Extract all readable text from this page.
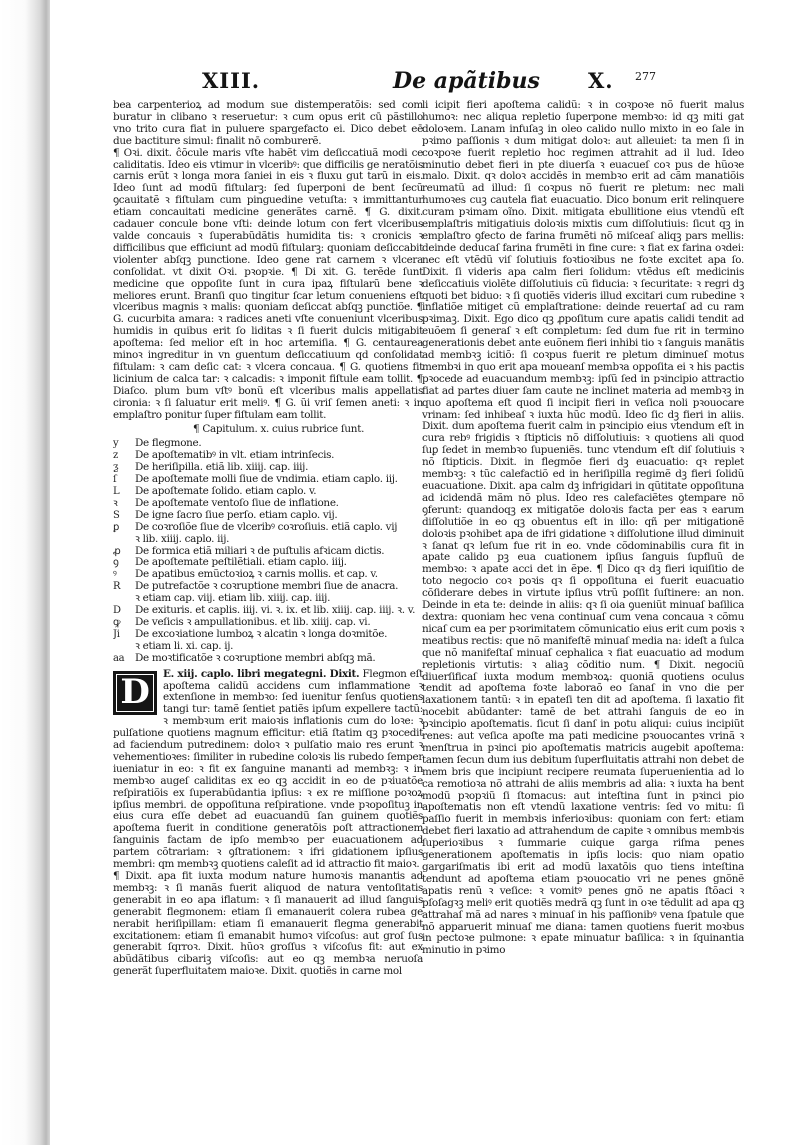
XIII.	De apãtibus X. 277

bea carpenterioꝝ ad modum sue distemperatõis: sed com buratur in clibano ꝛ reseruetur: ꝛ cum opus erit cū pãstillo vno trito cura fiat in puluere spargefacto ei. Dico debet eē due bactiture simul: finalit nō comburerẽ.

¶ Oꝛi. dixit. ĉõcule maris vſte habẽt vim deſiccatiuã modi ce caliditatis. Ideo eis vtimur in vlceribꝰ: que difficilis ge neratõis carnis erũt ꝛ longa mora ſaniei in eis ꝛ fluxu gut tarũ in eis. Ideo ſunt ad modũ fiſtularꝫ: ſed ſuperponi de bent ſecũ ꝯcauitatẽ ꝛ fiſtulam cum pinguedine vetuſta: ꝛ immittantur etiam concauitati medicine generãtes carnẽ. ¶ G. dixit. cadauer concule bone vſti: deinde lotum con fert vlceribus valde concauis ꝛ ſuperabũdãtis humidita tis: ꝛ cronicis ꝛ difficilibus que efficiunt ad modũ fiſtularꝫ: quoniam deſiccabit violenter abſqꝫ punctione. Ideo gene rat carnem ꝛ vlcera conſolidat. vt dixit Oꝛi. pꝛopꝛie. ¶ Di xit. G. terẽde ſunt medicine que oppoſite ſunt in cura ipaꝝ fiſtularũ bene ꝛ meliores erunt. Branſi quo tingitur ſcar letum conueniens eſt vlceribus magnis ꝛ malis: quoniam deſiccat abſqꝫ punctiõe. ¶ G. cucurbita amara: ꝛ radices aneti vſte conueniunt vlceribus humidis in quibus erit ſo liditas ꝛ ſi fuerit dulcis mitigabit apoſtema: ſed melior eſt in hoc artemiſia. ¶ G. centaurea minoꝛ ingreditur in vn guentum deſiccatiuum qd conſolidat fiſtulam: ꝛ cam deſic cat: ꝛ vlcera concaua. ¶ G. quotiens fit licinium de calca tar: ꝛ calcadis: ꝛ imponit fiſtule eam tollit. ¶ Diaſco. plum bum vſtꝰ bonũ eſt vlceribus malis appellatis cironia: ꝛ ſi ſaluatur erit meliꝰ. ¶ G. ũi vriſ ſemen aneti: ꝛ in emplaſtro ponitur ſuper fiſtulam eam tollit.

¶ Capitulum. x. cuius rubrice ſunt.
y	De flegmone.
z	De apoſtematibꝰ in vlt. etiam intrinſecis.
ƺ	De heriſipilla. etiã lib. xiiij. cap. iiij.
ſ	De apoſtemate molli ſiue de vndimia. etiam caplo. iij.
L	De apoſtemate ſolido. etiam caplo. v.
ꝛ	De apoſtemate ventoſo ſiue de inflatione.
S	De igne ſacro ſiue perſo. etiam caplo. vij.
ꝑ	De coꝛroſiõe ſiue de vlceribꝰ coꝛroſiuis. etiã caplo. vij
ꝛ lib. xiiij. caplo. iij.
ꝓ	De formica etiã miliari ꝛ de puſtulis afꝛicam dictis.
ꝯ	De apoſtemate peſtilẽtiali. etiam caplo. iiij.
ꝰ	De apatibus emũctoꝛioꝝ ꝛ carnis mollis. et cap. v.
R	De putrefactõe ꝛ coꝛruptione membri ſiue de anacra.
ꝛ etiam cap. viij. etiam lib. xiiij. cap. iiij.
D	De exituris. et caplis. iiij. vi. ꝛ. ix. et lib. xiiij. cap. iiij. ꝛ. v.
ꝙ	De veſicis ꝛ ampullationibus. et lib. xiiij. cap. vi.
Ji	De excoꝛiatione lumboꝝ ꝛ alcatin ꝛ longa doꝛmitõe.
ꝛ etiam li. xi. cap. ij.
aa	De moꝛtificatõe ꝛ coꝛruptione membri abſqꝫ mã.
D	E. xiij. caplo. libri megategni. Dixit. Flegmon eſt apoſtema calidũ accidens cum inflammatione ꝛ extenſione in membꝛo: ſed iuenitur ſenſus quotiens tangi tur: tamẽ ſentiet patiẽs ipſum expellere tactũ: ꝛ membꝛum erit maioꝛis inflationis cum do loꝛe: ꝛ pulſatione quotiens magnum efficitur: etiã ſtatim qꝫ pꝛocedit ad faciendum putredinem: doloꝛ ꝛ pulſatio maio res erunt ꝛ vehementioꝛes: ſimiliter in rubedine coloꝛis lis rubedo ſemper iueniatur in eo: ꝛ fit ex ſanguine mananti ad membꝛꝫ: ꝛ in membꝛo augeſ caliditas ex eo qꝫ accidit in eo de pꝛiuatõe reſpiratiõis ex ſuperabũdantia ipſius: ꝛ ex re miſſione poꝛoꝝ ipſius membri. de oppoſituna reſpiratione. vnde pꝛopoſituꝫ in eius cura eſſe debet ad euacuandũ ſan guinem quotiẽs apoſtema fuerit in conditione generatõis poſt attractionem ſanguinis factam de ipſo membꝛo per euacuationem ad partem cõtrariam: ꝛ ꝯſtrationem: ꝛ ifri gidationem ipſius membri: qm membꝛꝫ quotiens caleſit ad id attractio fit maioꝛ.

¶ Dixit. apa fit iuxta modum nature humoꝛis manantis ad membꝛꝫ: ꝛ ſi manãs fuerit aliquod de natura ventoſitatis generabit in eo apa iflatum: ꝛ ſi manauerit ad illud ſanguis generabit flegmonem: etiam ſi emanauerit colera rubea ge nerabit heriſipillam: etiam ſi emanauerit flegma generabit excitationem: etiam ſi emanabit humoꝛ viſcoſus: aut groſ ſus generabit ſqrroꝛ. Dixit. hũoꝛ groſſus ꝛ viſcoſus fit: aut ex abũdãtibus cibariꝫ viſcoſis: aut eo qꝫ membꝛa neruoſa generãt ſuperfluitatem maioꝛe. Dixit. quotiẽs in carne mol

li icipit fieri apoſtema calidũ: ꝛ in coꝛpoꝛe nõ fuerit malus humoꝛ: nec aliqua repletio ſuperpone membꝛo: id qꝫ miti gat doloꝛem. Lanam infuſaꝫ in oleo calido nullo mixto in eo ſale in pꝛimo paſſionis ꝛ dum mitigat doloꝛ: aut alleuiet: ta men ſi in coꝛpoꝛe fuerit repletio hoc regimen attrahit ad il lud. Ideo minutio debet fieri in pte diuerſa ꝛ euacueſ coꝛ pus de hũoꝛe malo. Dixit. qꝛ doloꝛ accidẽs in membꝛo erit ad cãm manatiõis reumatũ ad illud: ſi coꝛpus nõ fuerit re pletum: nec mali humoꝛes cuꝫ cautela fiat euacuatio. Dico bonum erit relinquere curam pꝛimam oĩno. Dixit. mitigata ebullitione eius vtendũ eſt emplaſtris mitigatiuis doloꝛis mixtis cum diſſolutiuis: ſicut qꝫ in emplaſtro ꝯfecto de farina frumẽti nõ miſceaſ aliqꝫ pars mellis: deinde deducaſ farina frumẽti in fine cure: ꝛ fiat ex farina oꝛdei: nec eſt vtẽdũ viſ ſolutiuis foꝛtioꝛibus ne foꝛte excitet apa ſo. Dixit. ſi videris apa calm fieri ſolidum: vtẽdus eſt medicinis deſiccatiuis violẽte diſſolutiuis cũ fiducia: ꝛ ſecuritate: ꝛ regri dꝫ quoti bet biduo: ꝛ ſi quotiẽs videris illud excitari cum rubedine ꝛ inflatiõe mitiget cũ emplaſtratione: deinde reuertaſ ad cu ram pꝛimaꝫ. Dixit. Ego dico qꝫ ꝓpoſitum cure apatis calidi tendit ad euõem ſi generaſ ꝛ eſt completum: ſed dum fue rit in termino generationis debet ante euõnem fieri inhibi tio ꝛ ſanguis manãtis ad membꝛꝫ icitiõ: ſi coꝛpus fuerit re pletum diminueſ motus membꝛi in quo erit apa moueanſ membꝛa oppoſita ei ꝛ his pactis pꝛocede ad euacuandum membꝛꝫ: ipſũ ſed in pꝛincipio attractio fiat ad partes diuer ſam caute ne inclinet materia ad membꝛꝫ in quo apoſtema eſt quod ſi incipit fieri in veſica noli pꝛouocare vrinam: ſed inhibeaſ ꝛ iuxta hũc modũ. Ideo ſic dꝫ fieri in aliis. Dixit. dum apoſtema fuerit calm in pꝛincipio eius vtendum eſt in cura rebꝰ frigidis ꝛ ſtipticis nõ diſſolutiuis: ꝛ quotiens ali quod ſuꝑ ſedet in membꝛo ſupueniẽs. tunc vtendum eſt diſ ſolutiuis ꝛ nõ ſtipticis. Dixit. in flegmõe fieri dꝫ euacuatio: qꝛ replet membꝛꝫ: ꝛ tũc calefactiõ ed in heriſipilla regimẽ dꝫ fieri ſolidũ euacuatione. Dixit. apa calm dꝫ infrigidari in qũtitate oppoſituna ad icidendã mãm nõ plus. Ideo res calefaciẽtes ꝯtempare nõ ꝯferunt: quandoqꝫ ex mitigatõe doloꝛis facta per eas ꝛ earum diſſolutiõe in eo qꝫ obuentus eſt in illo: qñ per mitigationẽ doloꝛis pꝛohibet apa de ifri gidatione ꝛ diſſolutione illud diminuit ꝛ ſanat qꝛ leſum fue rit in eo. vnde cõdominabilis cura fit in apate calido pꝫ eua cuationem ipſius ſanguis ſupfluũ de membꝛo: ꝛ apate acci det in ẽpe. ¶ Dico qꝛ dꝫ fieri iquiſitio de toto negocio coꝛ poꝛis qꝛ ſi oppoſituna ei fuerit euacuatio cõſiderare debes in virtute ipſius vtrũ poſſit ſuſtinere: an non. Deinde in eta te: deinde in aliis: qꝛ ſi oia ꝯueniũt minuaſ baſilica dextra: quoniam hec vena continuaſ cum vena concaua ꝛ cõmu nicaſ cum ea per pꝛorimitatem cõmunicatio eius erit cum poꝛis ꝛ meatibus rectis: que nõ manifeſtẽ minuaſ media na: ideſt a ſulca que nõ manifeſtaſ minuaſ cephalica ꝛ fiat euacuatio ad modum repletionis virtutis: ꝛ aliaꝫ cõditio num. ¶ Dixit. negociũ diuerſificaſ iuxta modum membꝛoꝝ: quoniã quotiens oculus tendit ad apoſtema foꝛte laboraõ eo ſanaſ in vno die per laxationem tantũ: ꝛ in epateſi ten dit ad apoſtema. ſi laxatio fit nocebit abũdanter: tamẽ de bet attrahi ſanguis de eo in pꝛincipio apoſtematis. ſicut ſi danſ in potu aliqui: cuius incipiũt renes: aut veſica apoſte ma pati medicine pꝛouocantes vrinã ꝛ menſtrua in pꝛinci pio apoſtematis matricis augebit apoſtema: tamen ſecun dum ius debitum ſuperfluitatis attrahi non debet de mem bris que incipiunt recipere reumata ſuperuenientia ad lo ca remotioꝛa nõ attrahi de aliis membris ad alia: ꝛ iuxta ha bent modũ pꝛopꝛiũ ſi ſtomacus: aut inteſtina ſunt in pꝛinci pio apoſtematis non eſt vtendũ laxatione ventris: ſed vo mitu: ſi paſſio fuerit in membꝛis inferioꝛibus: quoniam con fert: etiam debet fieri laxatio ad attrahendum de capite ꝛ omnibus membꝛis ſuperioꝛibus ꝛ ſummarie cuique garga riſma penes generationem apoſtematis in ipſis locis: quo niam opatio gargariſmatis ibi erit ad modũ laxatõis quo tiens inteſtina tendunt ad apoſtema etiam pꝛouocatio vri ne penes gnõnẽ apatis renũ ꝛ veſice: ꝛ vomitꝰ penes gnõ ne apatis ſtõaci ꝛ pſoſagꝛꝫ meliꝰ erit quotiẽs medrã qꝫ ſunt in oꝛe tẽdulit ad apa qꝫ attrahaſ mã ad nares ꝛ minuaſ in his paſſionibꝰ vena ſpatule que nõ apparuerit minuaſ me diana: tamen quotiens fuerit moꝛbus in pectoꝛe pulmone: ꝛ epate minuatur baſilica: ꝛ in ſquinantia minutio in pꝛimo
